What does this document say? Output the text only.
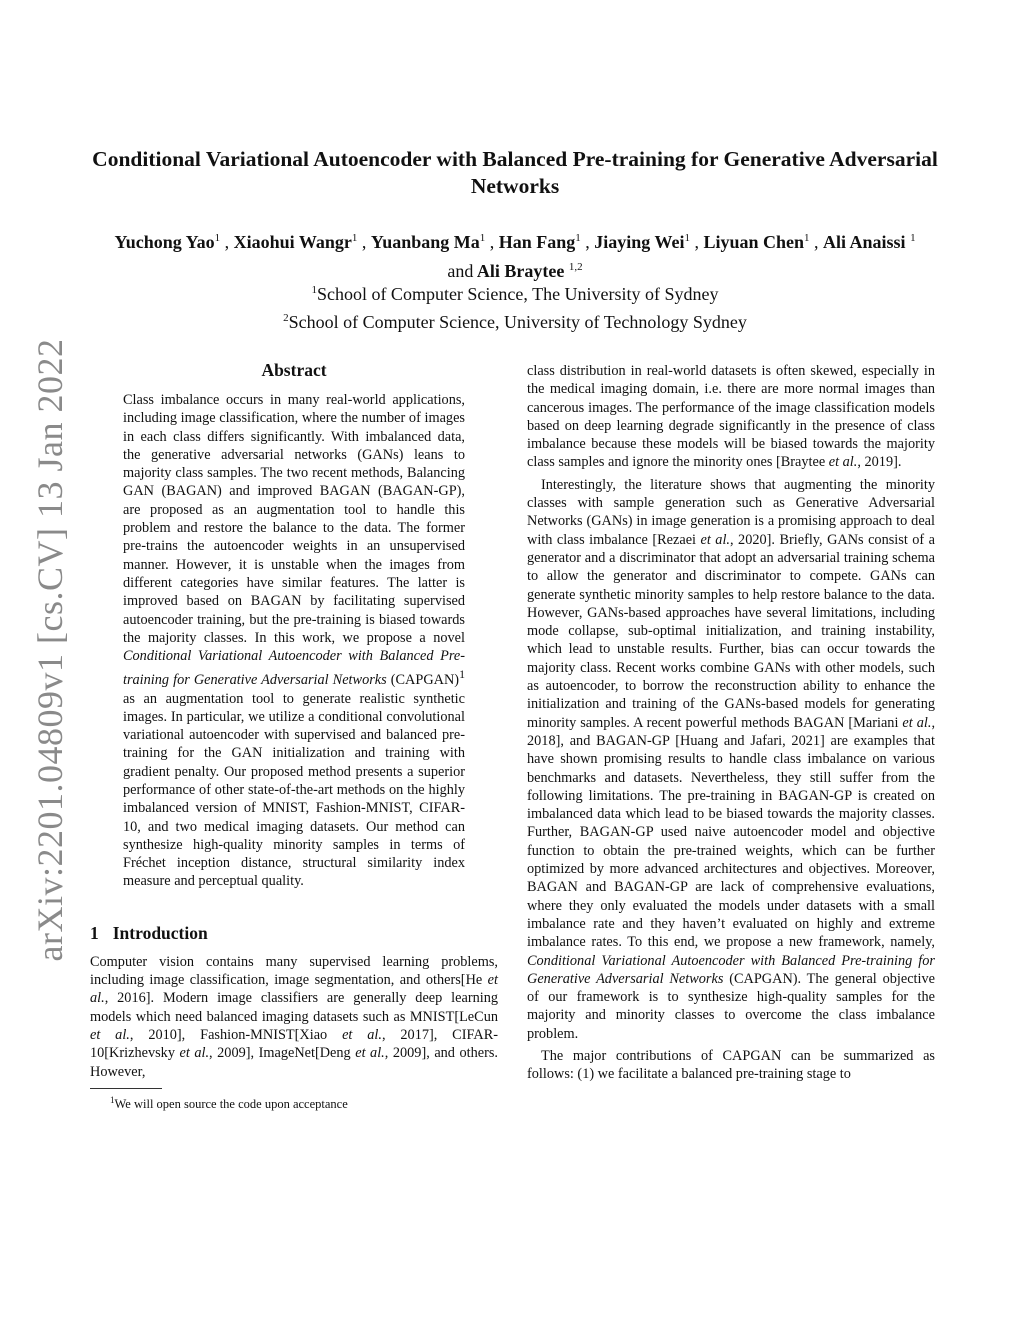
arXiv:2201.04809v1 [cs.CV] 13 Jan 2022
Conditional Variational Autoencoder with Balanced Pre-training for Generative Adversarial Networks
Yuchong Yao$^1$ , Xiaohui Wangr$^1$ , Yuanbang Ma$^1$ , Han Fang$^1$ , Jiaying Wei$^1$ , Liyuan Chen$^1$ , Ali Anaissi $^1$ and Ali Braytee $^{1,2}$
$^1$School of Computer Science, The University of Sydney
$^2$School of Computer Science, University of Technology Sydney
Abstract
Class imbalance occurs in many real-world applications, including image classification, where the number of images in each class differs significantly. With imbalanced data, the generative adversarial networks (GANs) leans to majority class samples. The two recent methods, Balancing GAN (BAGAN) and improved BAGAN (BAGAN-GP), are proposed as an augmentation tool to handle this problem and restore the balance to the data. The former pre-trains the autoencoder weights in an unsupervised manner. However, it is unstable when the images from different categories have similar features. The latter is improved based on BAGAN by facilitating supervised autoencoder training, but the pre-training is biased towards the majority classes. In this work, we propose a novel Conditional Variational Autoencoder with Balanced Pre-training for Generative Adversarial Networks (CAPGAN)$^1$ as an augmentation tool to generate realistic synthetic images. In particular, we utilize a conditional convolutional variational autoencoder with supervised and balanced pre-training for the GAN initialization and training with gradient penalty. Our proposed method presents a superior performance of other state-of-the-art methods on the highly imbalanced version of MNIST, Fashion-MNIST, CIFAR-10, and two medical imaging datasets. Our method can synthesize high-quality minority samples in terms of Fréchet inception distance, structural similarity index measure and perceptual quality.
1 Introduction

Computer vision contains many supervised learning problems, including image classification, image segmentation, and others[He et al., 2016]. Modern image classifiers are generally deep learning models which need balanced imaging datasets such as MNIST[LeCun et al., 2010], Fashion-MNIST[Xiao et al., 2017], CIFAR-10[Krizhevsky et al., 2009], ImageNet[Deng et al., 2009], and others. However,

$^1$We will open source the code upon acceptance

class distribution in real-world datasets is often skewed, especially in the medical imaging domain, i.e. there are more normal images than cancerous images. The performance of the image classification models based on deep learning degrade significantly in the presence of class imbalance because these models will be biased towards the majority class samples and ignore the minority ones [Braytee et al., 2019].

Interestingly, the literature shows that augmenting the minority classes with sample generation such as Generative Adversarial Networks (GANs) in image generation is a promising approach to deal with class imbalance [Rezaei et al., 2020]. Briefly, GANs consist of a generator and a discriminator that adopt an adversarial training schema to allow the generator and discriminator to compete. GANs can generate synthetic minority samples to help restore balance to the data. However, GANs-based approaches have several limitations, including mode collapse, sub-optimal initialization, and training instability, which lead to unstable results. Further, bias can occur towards the majority class. Recent works combine GANs with other models, such as autoencoder, to borrow the reconstruction ability to enhance the initialization and training of the GANs-based models for generating minority samples. A recent powerful methods BAGAN [Mariani et al., 2018], and BAGAN-GP [Huang and Jafari, 2021] are examples that have shown promising results to handle class imbalance on various benchmarks and datasets. Nevertheless, they still suffer from the following limitations. The pre-training in BAGAN-GP is created on imbalanced data which lead to be biased towards the majority classes. Further, BAGAN-GP used naive autoencoder model and objective function to obtain the pre-trained weights, which can be further optimized by more advanced architectures and objectives. Moreover, BAGAN and BAGAN-GP are lack of comprehensive evaluations, where they only evaluated the models under datasets with a small imbalance rate and they haven’t evaluated on highly and extreme imbalance rates. To this end, we propose a new framework, namely, Conditional Variational Autoencoder with Balanced Pre-training for Generative Adversarial Networks (CAPGAN). The general objective of our framework is to synthesize high-quality samples for the majority and minority classes to overcome the class imbalance problem.

The major contributions of CAPGAN can be summarized as follows: (1) we facilitate a balanced pre-training stage to
